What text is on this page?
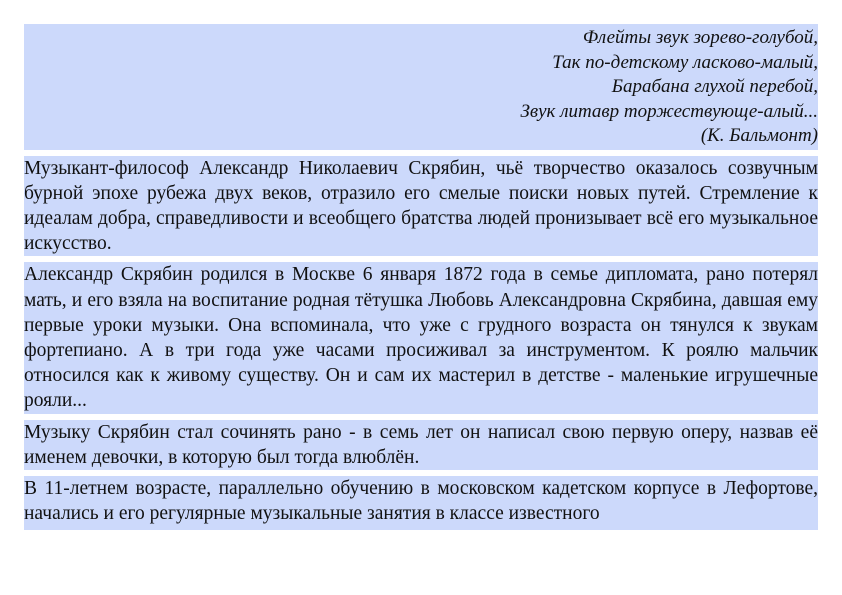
Флейты звук зорево-голубой,
Так по-детскому ласково-малый,
Барабана глухой перебой,
Звук литавр торжествующе-алый...
(К. Бальмонт)
Музыкант-философ Александр Николаевич Скрябин, чьё творчество оказалось созвучным бурной эпохе рубежа двух веков, отразило его смелые поиски новых путей. Стремление к идеалам добра, справедливости и всеобщего братства людей пронизывает всё его музыкальное искусство.
Александр Скрябин родился в Москве 6 января 1872 года в семье дипломата, рано потерял мать, и его взяла на воспитание родная тётушка Любовь Александровна Скрябина, давшая ему первые уроки музыки. Она вспоминала, что уже с грудного возраста он тянулся к звукам фортепиано. А в три года уже часами просиживал за инструментом. К роялю мальчик относился как к живому существу. Он и сам их мастерил в детстве - маленькие игрушечные рояли...
Музыку Скрябин стал сочинять рано - в семь лет он написал свою первую оперу, назвав её именем девочки, в которую был тогда влюблён.
В 11-летнем возрасте, параллельно обучению в московском кадетском корпусе в Лефортове, начались и его регулярные музыкальные занятия в классе известного
